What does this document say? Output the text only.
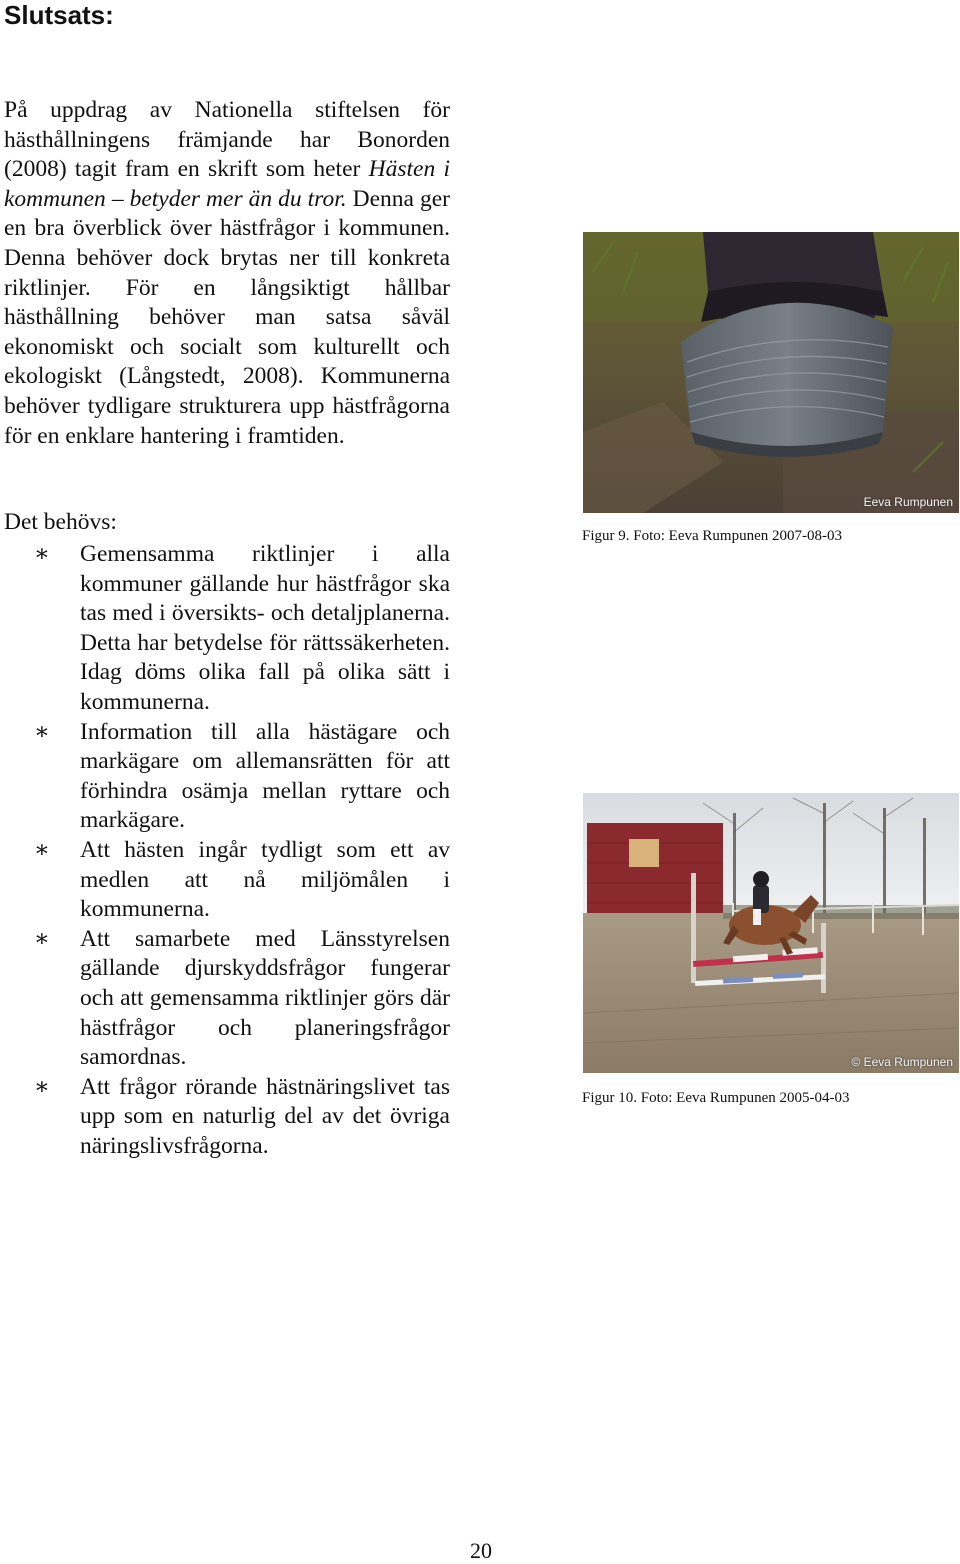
Slutsats:
På uppdrag av Nationella stiftelsen för hästhållningens främjande har Bonorden (2008) tagit fram en skrift som heter Hästen i kommunen – betyder mer än du tror. Denna ger en bra överblick över hästfrågor i kommunen. Denna behöver dock brytas ner till konkreta riktlinjer. För en långsiktigt hållbar hästhållning behöver man satsa såväl ekonomiskt och socialt som kulturellt och ekologiskt (Långstedt, 2008). Kommunerna behöver tydligare strukturera upp hästfrågorna för en enklare hantering i framtiden.
Det behövs:
∗	Gemensamma riktlinjer i alla kommuner gällande hur hästfrågor ska tas med i översikts- och detaljplanerna. Detta har betydelse för rättssäkerheten. Idag döms olika fall på olika sätt i kommunerna.
∗	Information till alla hästägare och markägare om allemansrätten för att förhindra osämja mellan ryttare och markägare.
∗	Att hästen ingår tydligt som ett av medlen att nå miljömålen i kommunerna.
∗	Att samarbete med Länsstyrelsen gällande djurskyddsfrågor fungerar och att gemensamma riktlinjer görs där hästfrågor och planeringsfrågor samordnas.
∗	Att frågor rörande hästnäringslivet tas upp som en naturlig del av det övriga näringslivsfrågorna.
Eeva Rumpunen
Figur 9. Foto: Eeva Rumpunen 2007-08-03
© Eeva Rumpunen
Figur 10. Foto: Eeva Rumpunen 2005-04-03
20
